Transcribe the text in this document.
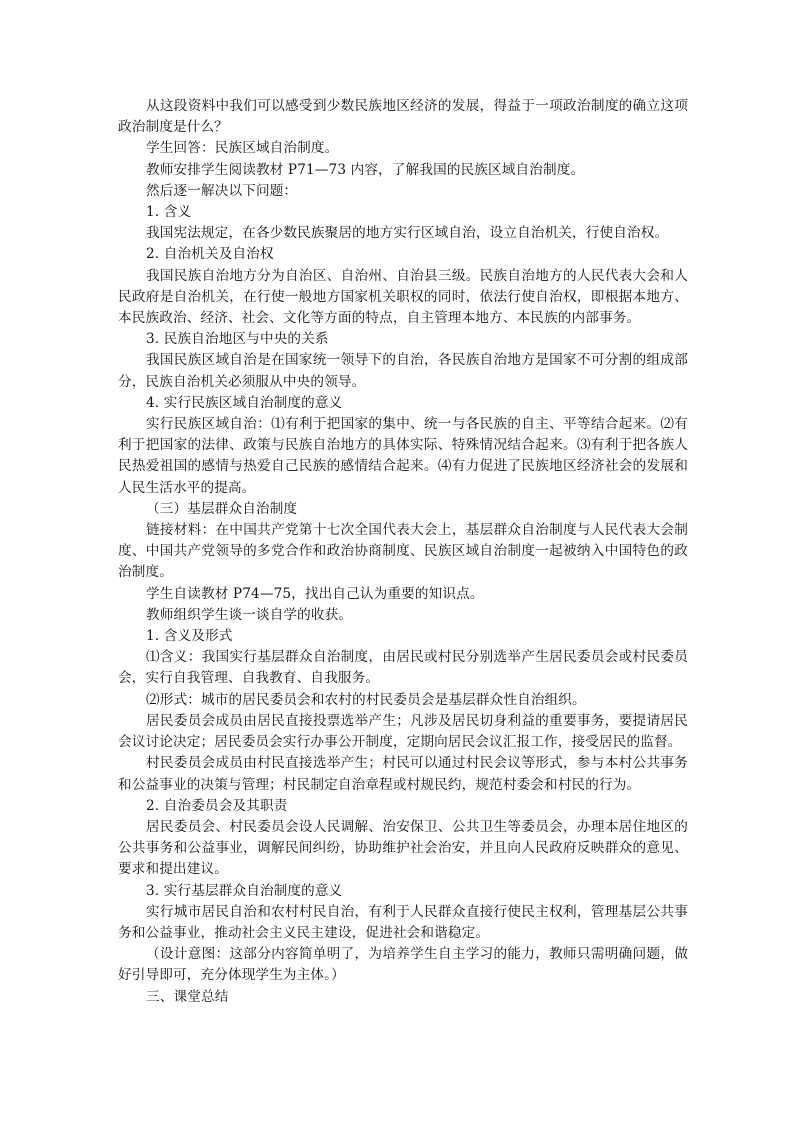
从这段资料中我们可以感受到少数民族地区经济的发展，得益于一项政治制度的确立这项政治制度是什么？

学生回答：民族区域自治制度。

教师安排学生阅读教材 P71—73 内容，了解我国的民族区域自治制度。

然后逐一解决以下问题：

1. 含义

我国宪法规定，在各少数民族聚居的地方实行区域自治，设立自治机关，行使自治权。

2. 自治机关及自治权

我国民族自治地方分为自治区、自治州、自治县三级。民族自治地方的人民代表大会和人民政府是自治机关，在行使一般地方国家机关职权的同时，依法行使自治权，即根据本地方、本民族政治、经济、社会、文化等方面的特点，自主管理本地方、本民族的内部事务。

3. 民族自治地区与中央的关系

我国民族区域自治是在国家统一领导下的自治，各民族自治地方是国家不可分割的组成部分，民族自治机关必须服从中央的领导。

4. 实行民族区域自治制度的意义

实行民族区域自治：⑴有利于把国家的集中、统一与各民族的自主、平等结合起来。⑵有利于把国家的法律、政策与民族自治地方的具体实际、特殊情况结合起来。⑶有利于把各族人民热爱祖国的感情与热爱自己民族的感情结合起来。⑷有力促进了民族地区经济社会的发展和人民生活水平的提高。

（三）基层群众自治制度

链接材料：在中国共产党第十七次全国代表大会上，基层群众自治制度与人民代表大会制度、中国共产党领导的多党合作和政治协商制度、民族区域自治制度一起被纳入中国特色的政治制度。

学生自读教材 P74—75，找出自己认为重要的知识点。

教师组织学生谈一谈自学的收获。

1. 含义及形式

⑴含义：我国实行基层群众自治制度，由居民或村民分别选举产生居民委员会或村民委员会，实行自我管理、自我教育、自我服务。

⑵形式：城市的居民委员会和农村的村民委员会是基层群众性自治组织。

居民委员会成员由居民直接投票选举产生；凡涉及居民切身利益的重要事务，要提请居民会议讨论决定；居民委员会实行办事公开制度，定期向居民会议汇报工作，接受居民的监督。

村民委员会成员由村民直接选举产生；村民可以通过村民会议等形式，参与本村公共事务和公益事业的决策与管理；村民制定自治章程或村规民约，规范村委会和村民的行为。

2. 自治委员会及其职责

居民委员会、村民委员会设人民调解、治安保卫、公共卫生等委员会，办理本居住地区的公共事务和公益事业，调解民间纠纷，协助维护社会治安，并且向人民政府反映群众的意见、要求和提出建议。

3. 实行基层群众自治制度的意义

实行城市居民自治和农村村民自治，有利于人民群众直接行使民主权利，管理基层公共事务和公益事业，推动社会主义民主建设，促进社会和谐稳定。

（设计意图：这部分内容简单明了，为培养学生自主学习的能力，教师只需明确问题，做好引导即可，充分体现学生为主体。）

三、课堂总结
